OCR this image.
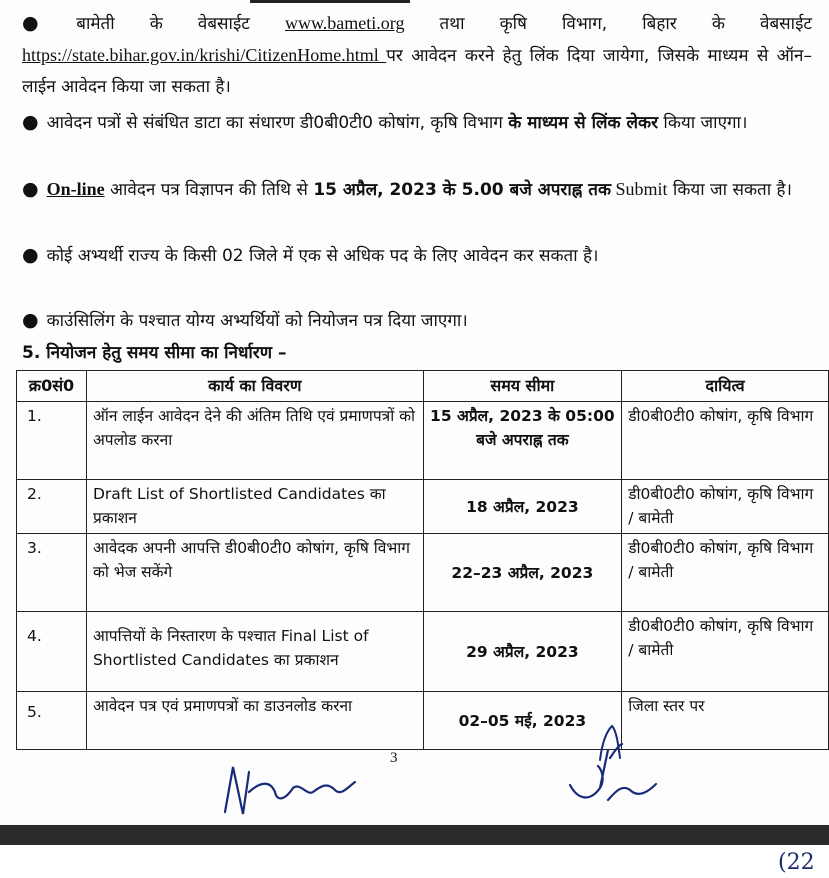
● बामेती के वेबसाईट www.bameti.org तथा कृषि विभाग, बिहार के वेबसाईट https://state.bihar.gov.in/krishi/CitizenHome.html पर आवेदन करने हेतु लिंक दिया जायेगा, जिसके माध्यम से ऑन–लाईन आवेदन किया जा सकता है।

● आवेदन पत्रों से संबंधित डाटा का संधारण डी0बी0टी0 कोषांग, कृषि विभाग के माध्यम से लिंक लेकर किया जाएगा।

● On-line आवेदन पत्र विज्ञापन की तिथि से 15 अप्रैल, 2023 के 5.00 बजे अपराह्न तक Submit किया जा सकता है।

● कोई अभ्यर्थी राज्य के किसी 02 जिले में एक से अधिक पद के लिए आवेदन कर सकता है।

● काउंसिलिंग के पश्चात योग्य अभ्यर्थियों को नियोजन पत्र दिया जाएगा।

5. नियोजन हेतु समय सीमा का निर्धारण –
क्र0सं0	कार्य का विवरण	समय सीमा	दायित्व
1.	ऑन लाईन आवेदन देने की अंतिम तिथि एवं प्रमाणपत्रों को अपलोड करना	15 अप्रैल, 2023 के 05:00 बजे अपराह्न तक	डी0बी0टी0 कोषांग, कृषि विभाग
2.	Draft List of Shortlisted Candidates का प्रकाशन	18 अप्रैल, 2023	डी0बी0टी0 कोषांग, कृषि विभाग / बामेती
3.	आवेदक अपनी आपत्ति डी0बी0टी0 कोषांग, कृषि विभाग को भेज सकेंगे	22–23 अप्रैल, 2023	डी0बी0टी0 कोषांग, कृषि विभाग / बामेती
4.	आपत्तियों के निस्तारण के पश्चात Final List of Shortlisted Candidates का प्रकाशन	29 अप्रैल, 2023	डी0बी0टी0 कोषांग, कृषि विभाग / बामेती
5.	आवेदन पत्र एवं प्रमाणपत्रों का डाउनलोड करना	02–05 मई, 2023	जिला स्तर पर
3
(22
